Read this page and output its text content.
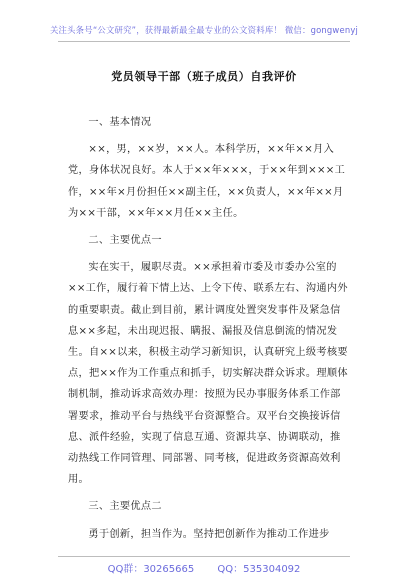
关注头条号“公文研究”，获得最新最全最专业的公文资料库！ 微信：gongwenyj
党员领导干部（班子成员）自我评价
一、基本情况

××，男，××岁，××人。本科学历，××年××月入党，身体状况良好。本人于××年×××，于××年到×××工作，××年×月份担任××副主任，××负责人，××年××月为××干部，××年××月任××主任。

二、主要优点一

实在实干，履职尽责。××承担着市委及市委办公室的××工作，履行着下情上达、上令下传、联系左右、沟通内外的重要职责。截止到目前，累计调度处置突发事件及紧急信息××多起，未出现迟报、瞒报、漏报及信息倒流的情况发生。自××以来，积极主动学习新知识，认真研究上级考核要点，把××作为工作重点和抓手，切实解决群众诉求。理顺体制机制，推动诉求高效办理：按照为民办事服务体系工作部署要求，推动平台与热线平台资源整合。双平台交换接诉信息、派件经验，实现了信息互通、资源共享、协调联动，推动热线工作同管理、同部署、同考核，促进政务资源高效利用。

三、主要优点二

勇于创新，担当作为。坚持把创新作为推动工作进步

QQ群：30265665 QQ：535304092
